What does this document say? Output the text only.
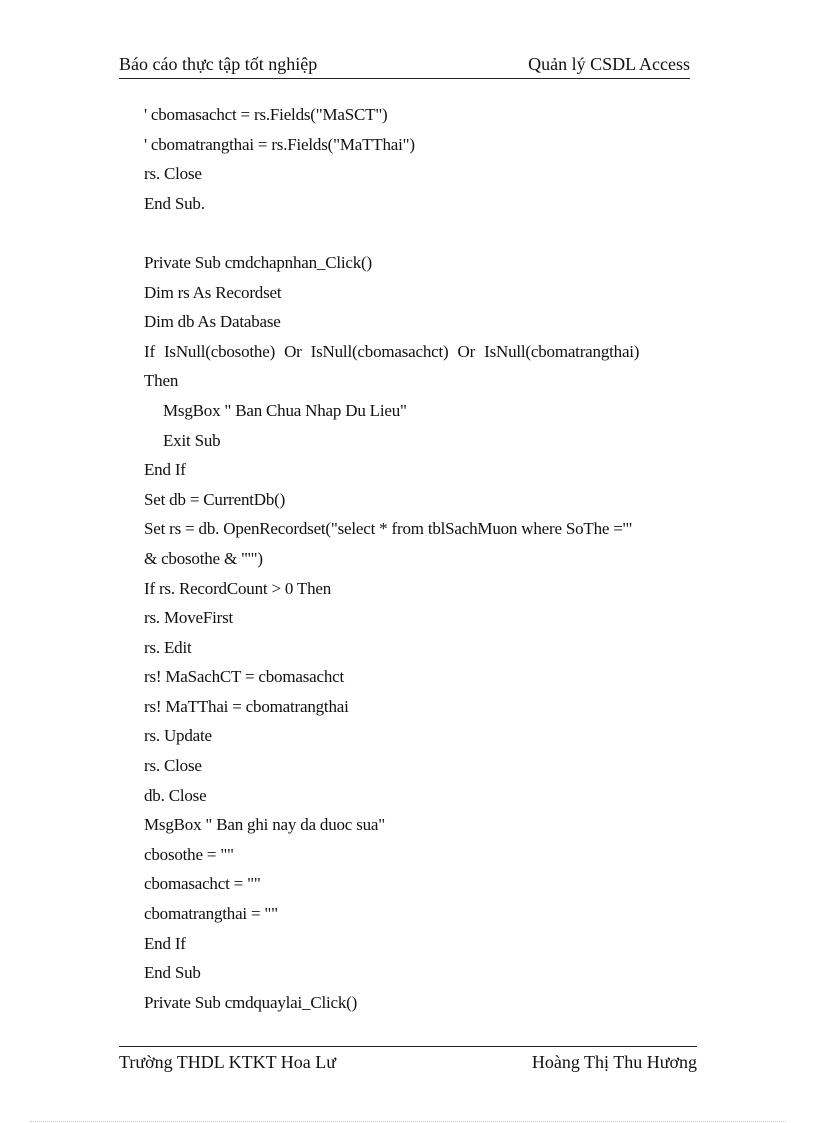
Báo cáo thực tập tốt nghiệp	Quản lý CSDL Access
' cbomasachct = rs.Fields("MaSCT")
' cbomatrangthai = rs.Fields("MaTThai")
rs. Close
End Sub.
Private Sub cmdchapnhan_Click()
Dim rs As Recordset
Dim db As Database
If IsNull(cbosothe) Or IsNull(cbomasachct) Or IsNull(cbomatrangthai)
Then
MsgBox " Ban Chua Nhap Du Lieu"
Exit Sub
End If
Set db = CurrentDb()
Set rs = db. OpenRecordset("select * from tblSachMuon where SoThe ='"
& cbosothe & "'")
If rs. RecordCount > 0 Then
rs. MoveFirst
rs. Edit
rs! MaSachCT = cbomasachct
rs! MaTThai = cbomatrangthai
rs. Update
rs. Close
db. Close
MsgBox " Ban ghi nay da duoc sua"
cbosothe = ""
cbomasachct = ""
cbomatrangthai = ""
End If
End Sub
Private Sub cmdquaylai_Click()
Trường THDL KTKT Hoa Lư	Hoàng Thị Thu Hương
